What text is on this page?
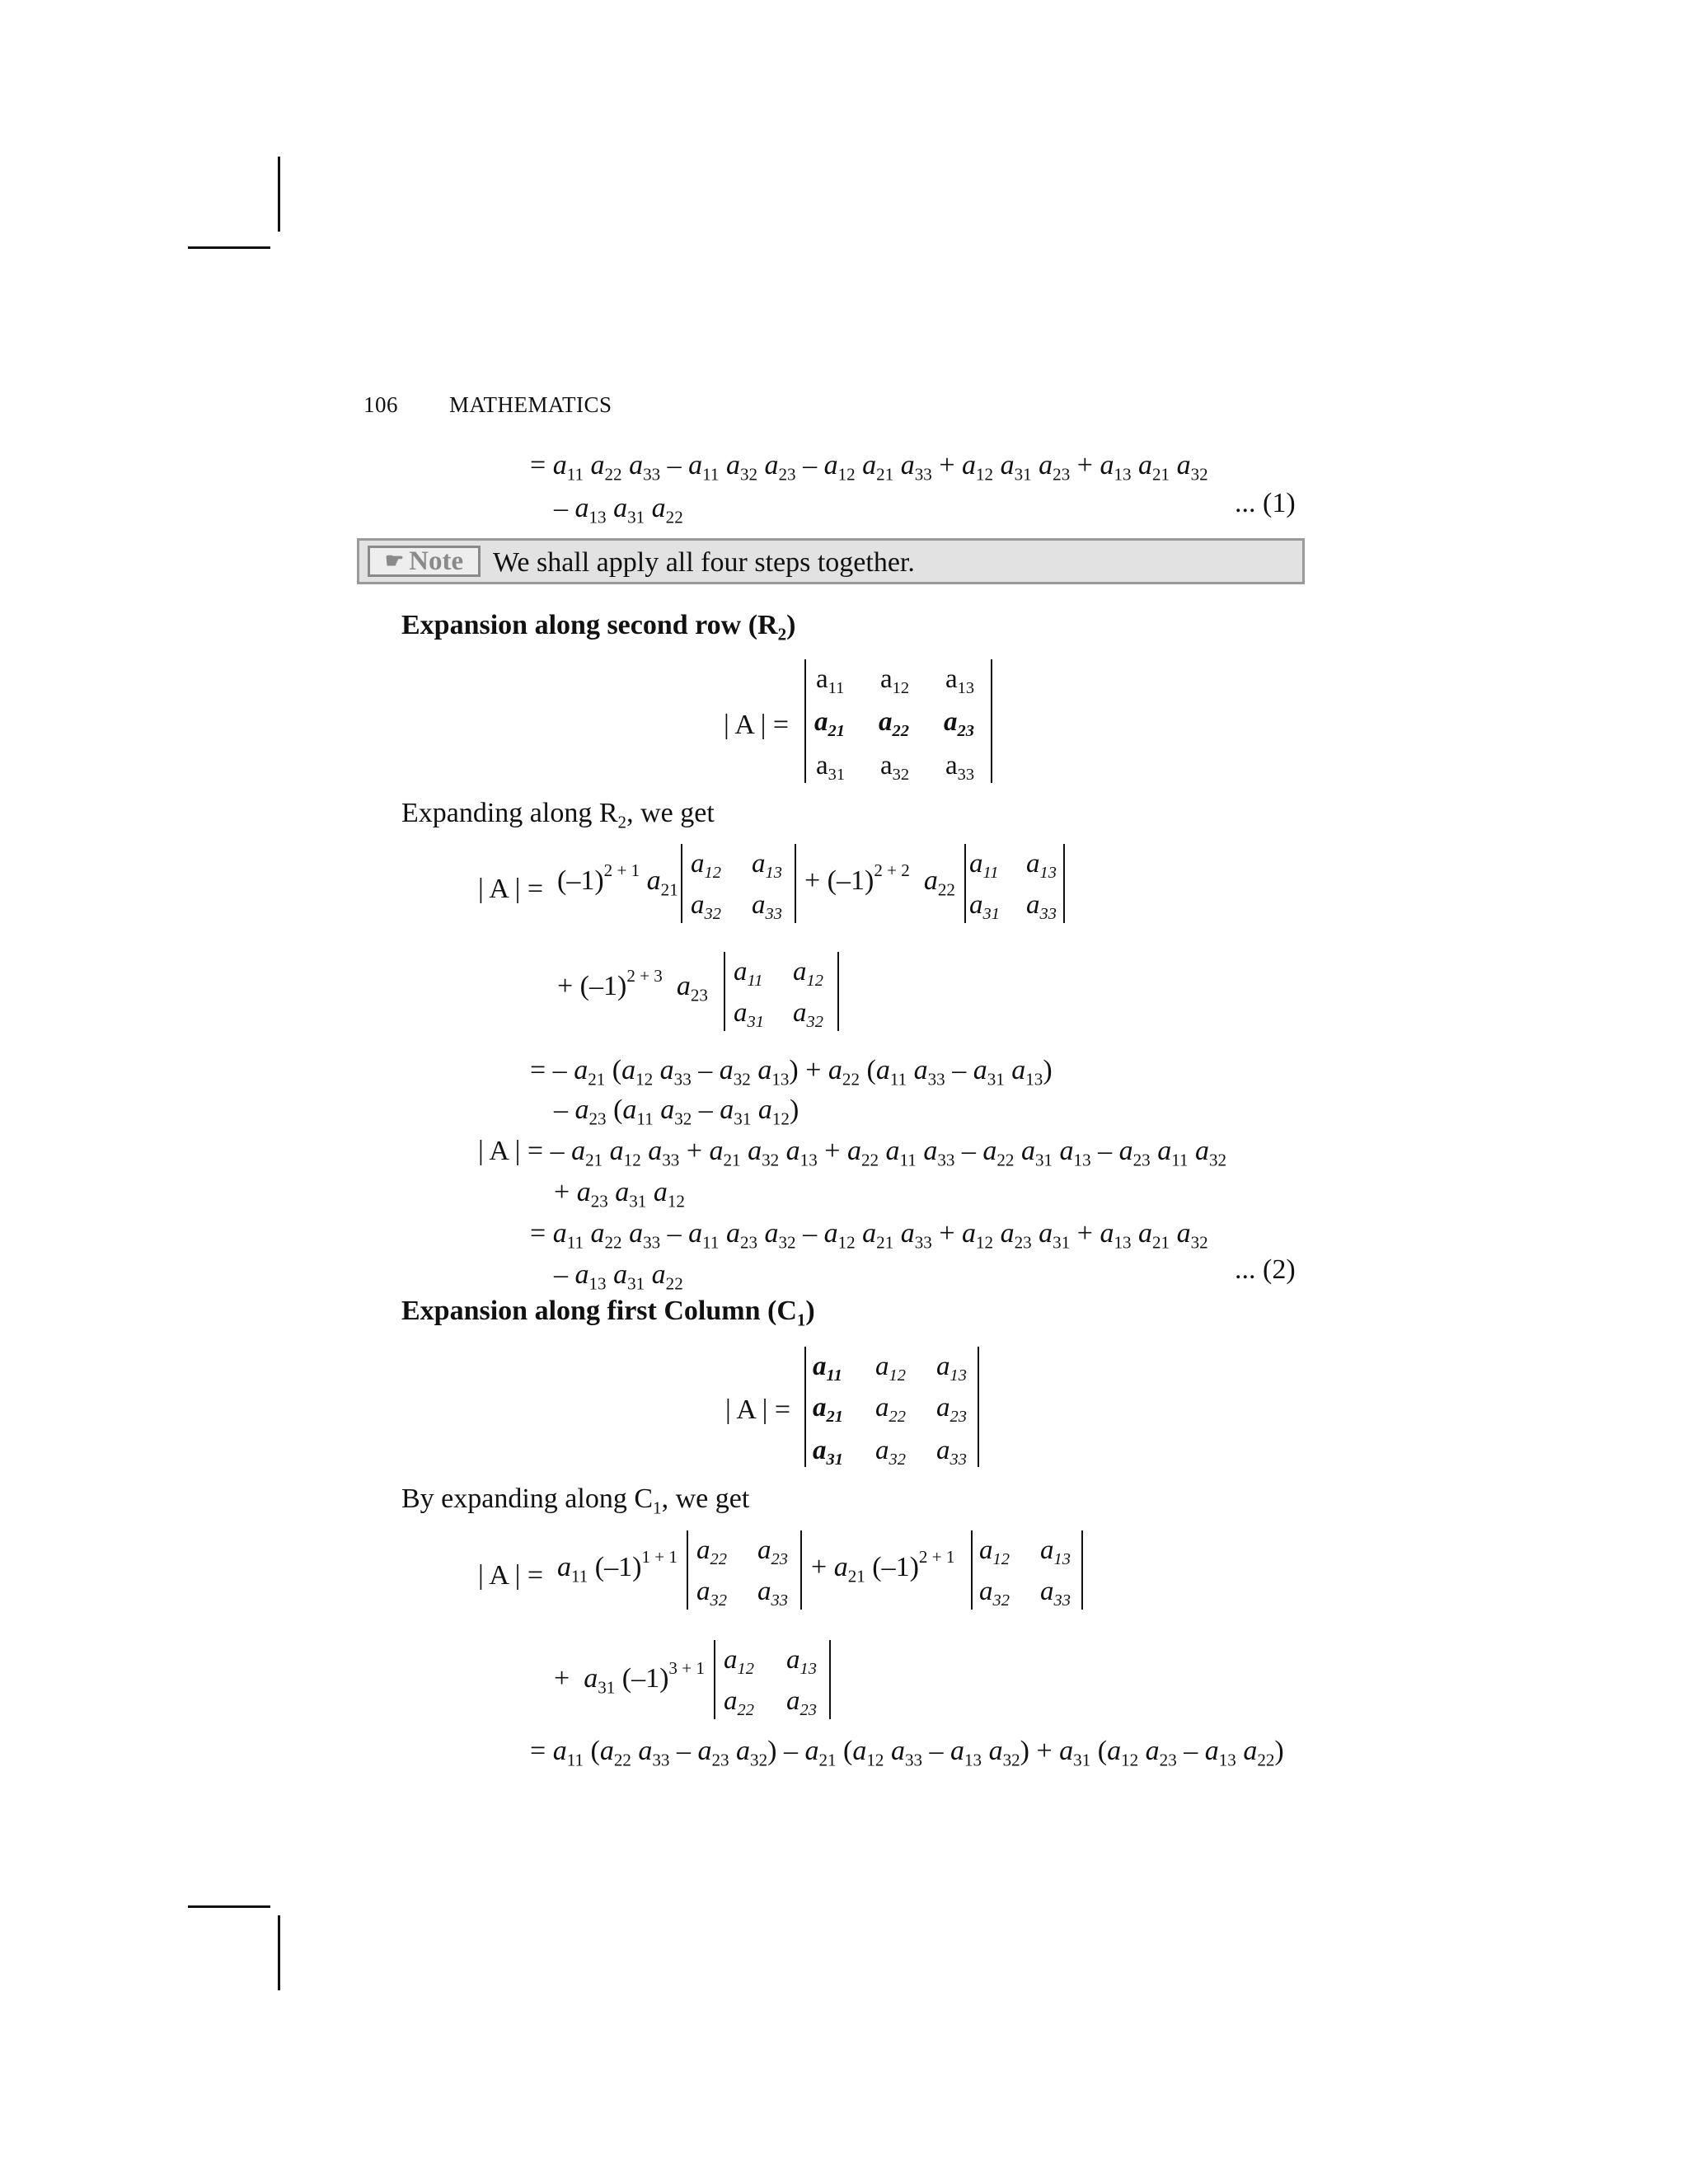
106 MATHEMATICS
= $a_{11}$ $a_{22}$ $a_{33} - a_{11}$ $a_{32}$ $a_{23} - a_{12}$ $a_{21}$ $a_{33} + a_{12}$ $a_{31}$ $a_{23} + a_{13}$ $a_{21}$ $a_{32}$
– $a_{13}$ $a_{31}$ $a_{22}$	... (1)
☛ Note We shall apply all four steps together.
Expansion along second row $(R_2)$
| A | =
$a_{11}$ $a_{12}$ $a_{13}$
$a_{21}$ $a_{22}$ $a_{23}$
$a_{31}$ $a_{32}$ $a_{33}$
Expanding along $R_2$, we get
| A | = $(-1)^{2 + 1}$ $a_{21}$
$a_{12}$ $a_{13}$
$a_{32}$ $a_{33}$
+ $(-1)^{2 + 2}$ $a_{22}$
$a_{11}$ $a_{13}$
$a_{31}$ $a_{33}$
+ $(-1)^{2 + 3}$ $a_{23}$
$a_{11}$ $a_{12}$
$a_{31}$ $a_{32}$
= – $a_{21}$ ($a_{12}$ $a_{33} - a_{32}$ $a_{13}) + a_{22}$ ($a_{11}$ $a_{33} - a_{31}$ $a_{13}$)
– $a_{23}$ ($a_{11}$ $a_{32} - a_{31}$ $a_{12}$)
| A | = – $a_{21}$ $a_{12}$ $a_{33} + a_{21}$ $a_{32}$ $a_{13} + a_{22}$ $a_{11}$ $a_{33} - a_{22}$ $a_{31}$ $a_{13} - a_{23}$ $a_{11}$ $a_{32}$
+ $a_{23}$ $a_{31}$ $a_{12}$
= $a_{11}$ $a_{22}$ $a_{33} - a_{11}$ $a_{23}$ $a_{32} - a_{12}$ $a_{21}$ $a_{33} + a_{12}$ $a_{23}$ $a_{31} + a_{13}$ $a_{21}$ $a_{32}$
– $a_{13}$ $a_{31}$ $a_{22}$	... (2)
Expansion along first Column $(C_1)$
| A | =
$a_{11}$ $a_{12}$ $a_{13}$
$a_{21}$ $a_{22}$ $a_{23}$
$a_{31}$ $a_{32}$ $a_{33}$
By expanding along $C_1$, we get
| A | = $a_{11}$ $(-1)^{1 + 1}$ $a_{22}$ $a_{23}$
$a_{32}$ $a_{33}$
+ $a_{21}$ $(-1)^{2 + 1}$ $a_{12}$ $a_{13}$
$a_{32}$ $a_{33}$
+  $a_{31}$ $(-1)^{3 + 1}$ $a_{12}$ $a_{13}$
$a_{22}$ $a_{23}$
= $a_{11}$ ($a_{22}$ $a_{33} - a_{23}$ $a_{32}) - a_{21}$ ($a_{12}$ $a_{33} - a_{13}$ $a_{32}) + a_{31}$ ($a_{12}$ $a_{23} - a_{13}$ $a_{22}$)
